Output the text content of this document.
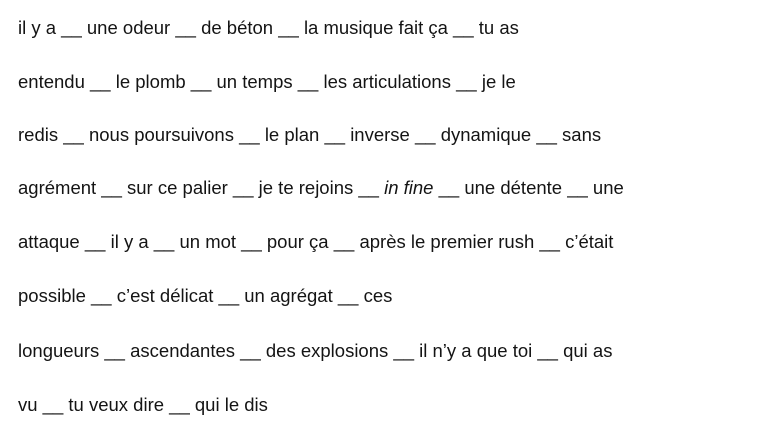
il y a __ une odeur __ de béton __ la musique fait ça __ tu as

entendu __ le plomb __ un temps __ les articulations __ je le

redis __ nous poursuivons __ le plan __ inverse __ dynamique __ sans

agrément __ sur ce palier __ je te rejoins __ in fine __ une détente __ une

attaque __ il y a __ un mot __ pour ça __ après le premier rush __ c’était

possible __ c’est délicat __ un agrégat __ ces

longueurs __ ascendantes __ des explosions __ il n’y a que toi __ qui as

vu __ tu veux dire __ qui le dis
